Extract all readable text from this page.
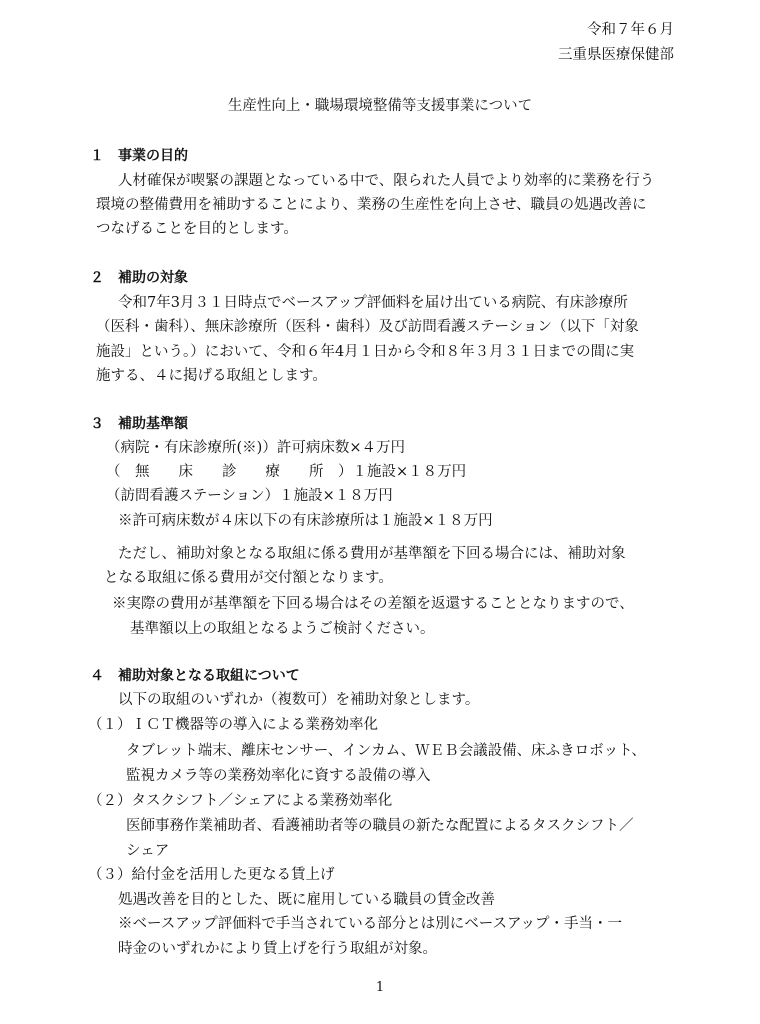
令和７年６月
三重県医療保健部
生産性向上・職場環境整備等支援事業について
１　事業の目的
人材確保が喫緊の課題となっている中で、限られた人員でより効率的に業務を行う
環境の整備費用を補助することにより、業務の生産性を向上させ、職員の処遇改善に
つなげることを目的とします。
２　補助の対象
令和7年3月３１日時点でベースアップ評価料を届け出ている病院、有床診療所
（医科・歯科）、無床診療所（医科・歯科）及び訪問看護ステーション（以下「対象
施設」という。）において、令和６年4月１日から令和８年３月３１日までの間に実
施する、４に掲げる取組とします。
３　補助基準額
（病院・有床診療所(※)）許可病床数×４万円
（　無　　床　　診　　療　　所　）１施設×１８万円
（訪問看護ステーション）１施設×１８万円
※許可病床数が４床以下の有床診療所は１施設×１８万円
ただし、補助対象となる取組に係る費用が基準額を下回る場合には、補助対象
となる取組に係る費用が交付額となります。
※実際の費用が基準額を下回る場合はその差額を返還することとなりますので、
基準額以上の取組となるようご検討ください。
４　補助対象となる取組について
以下の取組のいずれか（複数可）を補助対象とします。
（１）ＩＣＴ機器等の導入による業務効率化
タブレット端末、離床センサー、インカム、ＷＥＢ会議設備、床ふきロボット、
監視カメラ等の業務効率化に資する設備の導入
（２）タスクシフト／シェアによる業務効率化
医師事務作業補助者、看護補助者等の職員の新たな配置によるタスクシフト／
シェア
（３）給付金を活用した更なる賃上げ
処遇改善を目的とした、既に雇用している職員の賃金改善
※ベースアップ評価料で手当されている部分とは別にベースアップ・手当・一
時金のいずれかにより賃上げを行う取組が対象。
1
